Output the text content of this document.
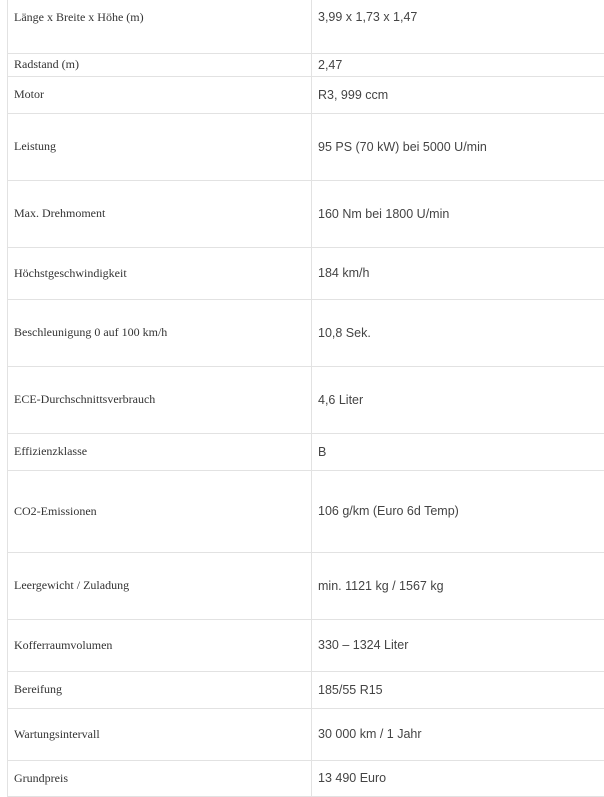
Länge x Breite x Höhe (m)	3,99 x 1,73 x 1,47
Radstand (m)	2,47
Motor	R3, 999 ccm
Leistung	95 PS (70 kW) bei 5000 U/min
Max. Drehmoment	160 Nm bei 1800 U/min
Höchstgeschwindigkeit	184 km/h
Beschleunigung 0 auf 100 km/h	10,8 Sek.
ECE-Durchschnittsverbrauch	4,6 Liter
Effizienzklasse	B
CO2-Emissionen	106 g/km (Euro 6d Temp)
Leergewicht / Zuladung	min. 1121 kg / 1567 kg
Kofferraumvolumen	330 – 1324 Liter
Bereifung	185/55 R15
Wartungsintervall	30 000 km / 1 Jahr
Grundpreis	13 490 Euro
